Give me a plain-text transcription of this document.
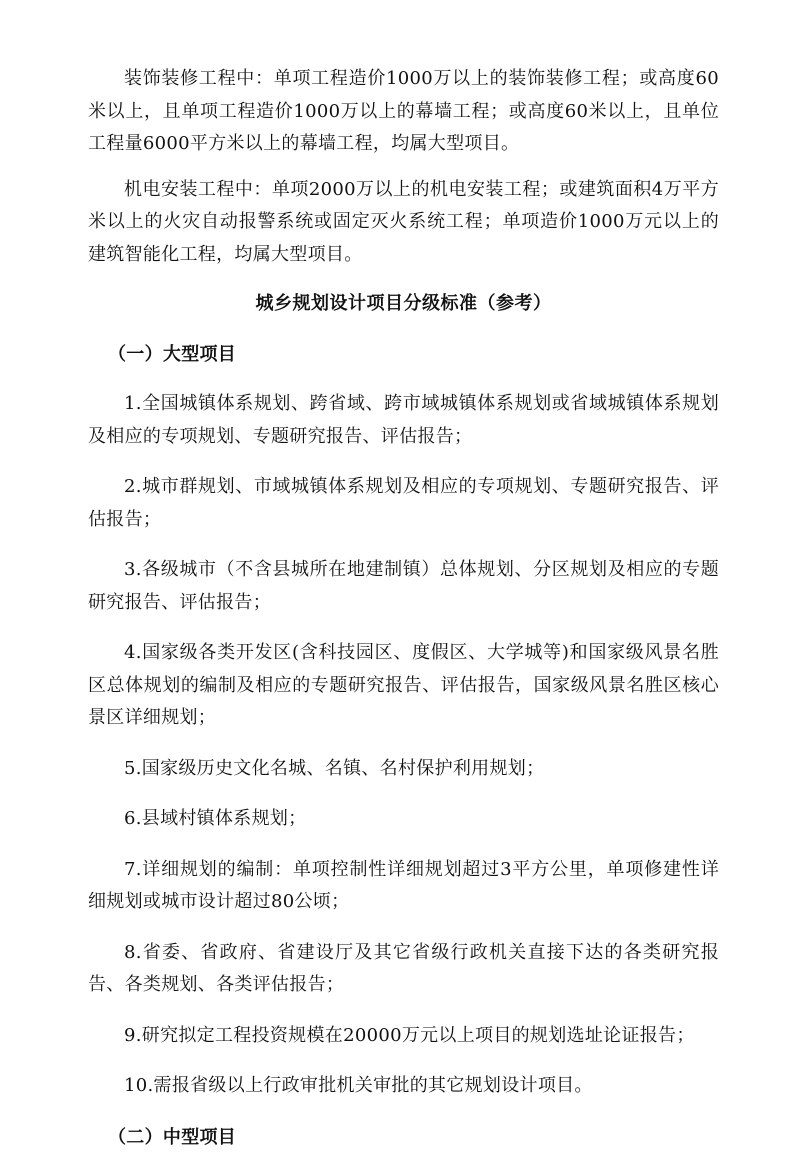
装饰装修工程中：单项工程造价1000万以上的装饰装修工程；或高度60米以上，且单项工程造价1000万以上的幕墙工程；或高度60米以上，且单位工程量6000平方米以上的幕墙工程，均属大型项目。

机电安装工程中：单项2000万以上的机电安装工程；或建筑面积4万平方米以上的火灾自动报警系统或固定灭火系统工程；单项造价1000万元以上的建筑智能化工程，均属大型项目。

城乡规划设计项目分级标准（参考）

（一）大型项目

1.全国城镇体系规划、跨省域、跨市域城镇体系规划或省域城镇体系规划及相应的专项规划、专题研究报告、评估报告；

2.城市群规划、市域城镇体系规划及相应的专项规划、专题研究报告、评估报告；

3.各级城市（不含县城所在地建制镇）总体规划、分区规划及相应的专题研究报告、评估报告；

4.国家级各类开发区(含科技园区、度假区、大学城等)和国家级风景名胜区总体规划的编制及相应的专题研究报告、评估报告，国家级风景名胜区核心景区详细规划；

5.国家级历史文化名城、名镇、名村保护利用规划；

6.县域村镇体系规划；

7.详细规划的编制：单项控制性详细规划超过3平方公里，单项修建性详细规划或城市设计超过80公顷；

8.省委、省政府、省建设厅及其它省级行政机关直接下达的各类研究报告、各类规划、各类评估报告；

9.研究拟定工程投资规模在20000万元以上项目的规划选址论证报告；

10.需报省级以上行政审批机关审批的其它规划设计项目。

（二）中型项目
